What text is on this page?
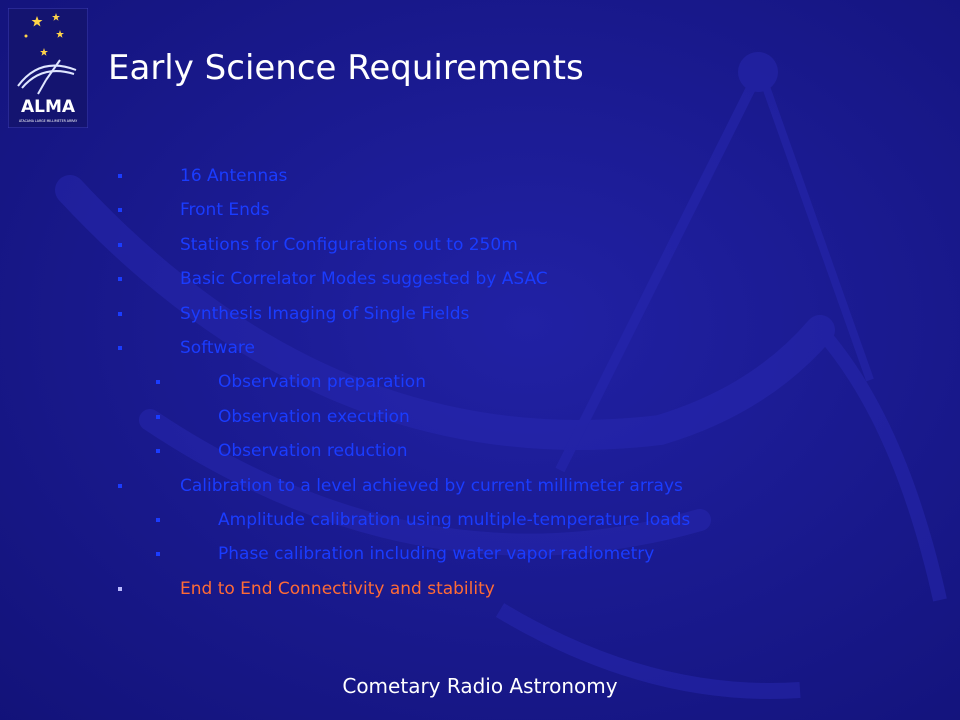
ALMA
ATACAMA LARGE MILLIMETER ARRAY
Early Science Requirements
16 Antennas
Front Ends
Stations for Configurations out to 250m
Basic Correlator Modes suggested by ASAC
Synthesis Imaging of Single Fields
Software
Observation preparation
Observation execution
Observation reduction
Calibration to a level achieved by current millimeter arrays
Amplitude calibration using multiple-temperature loads
Phase calibration including water vapor radiometry
End to End Connectivity and stability
Cometary Radio Astronomy
